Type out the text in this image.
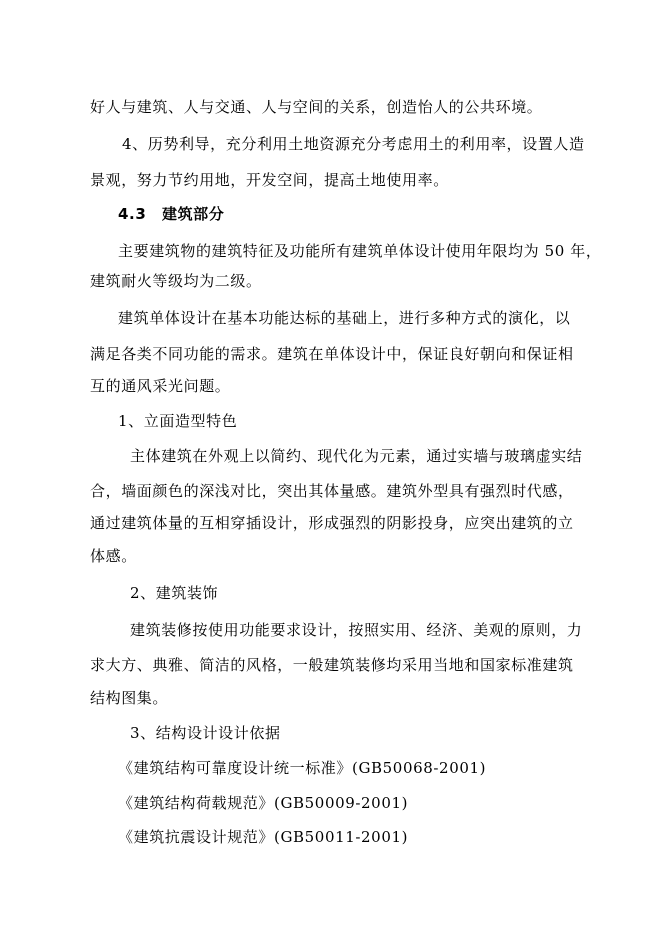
好人与建筑、人与交通、人与空间的关系，创造怡人的公共环境。
4、历势利导，充分利用土地资源充分考虑用土的利用率，设置人造
景观，努力节约用地，开发空间，提高土地使用率。
4.3　建筑部分
主要建筑物的建筑特征及功能所有建筑单体设计使用年限均为 50 年，
建筑耐火等级均为二级。
建筑单体设计在基本功能达标的基础上，进行多种方式的演化，以
满足各类不同功能的需求。建筑在单体设计中，保证良好朝向和保证相
互的通风采光问题。
1、立面造型特色
主体建筑在外观上以简约、现代化为元素，通过实墙与玻璃虚实结
合，墙面颜色的深浅对比，突出其体量感。建筑外型具有强烈时代感，
通过建筑体量的互相穿插设计，形成强烈的阴影投身，应突出建筑的立
体感。
2、建筑装饰
建筑装修按使用功能要求设计，按照实用、经济、美观的原则，力
求大方、典雅、简洁的风格，一般建筑装修均采用当地和国家标准建筑
结构图集。
3、结构设计设计依据
《建筑结构可靠度设计统一标准》(GB50068-2001)
《建筑结构荷载规范》(GB50009-2001)
《建筑抗震设计规范》(GB50011-2001)
